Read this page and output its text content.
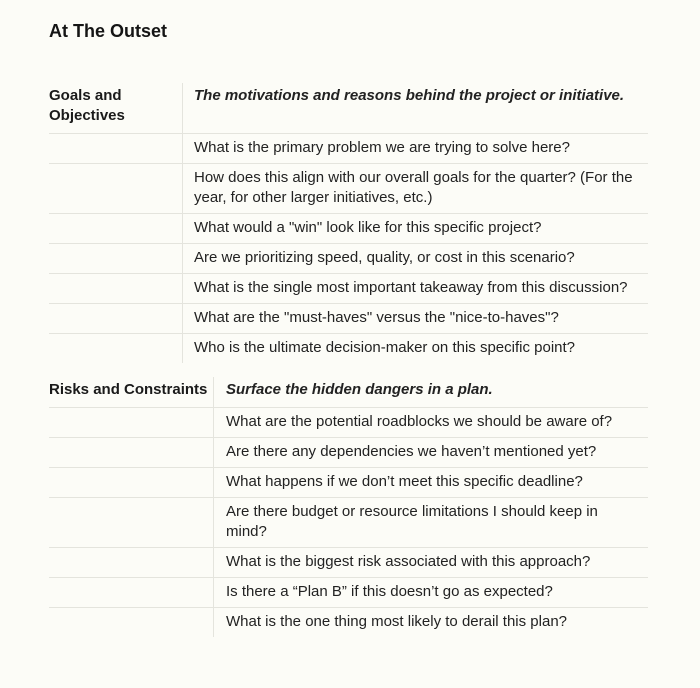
At The Outset
Goals and Objectives
The motivations and reasons behind the project or initiative.
What is the primary problem we are trying to solve here?
How does this align with our overall goals for the quarter? (For the year, for other larger initiatives, etc.)
What would a "win" look like for this specific project?
Are we prioritizing speed, quality, or cost in this scenario?
What is the single most important takeaway from this discussion?
What are the "must-haves" versus the "nice-to-haves"?
Who is the ultimate decision-maker on this specific point?
Risks and Constraints	Surface the hidden dangers in a plan.
What are the potential roadblocks we should be aware of?
Are there any dependencies we haven’t mentioned yet?
What happens if we don’t meet this specific deadline?
Are there budget or resource limitations I should keep in mind?
What is the biggest risk associated with this approach?
Is there a “Plan B” if this doesn’t go as expected?
What is the one thing most likely to derail this plan?
